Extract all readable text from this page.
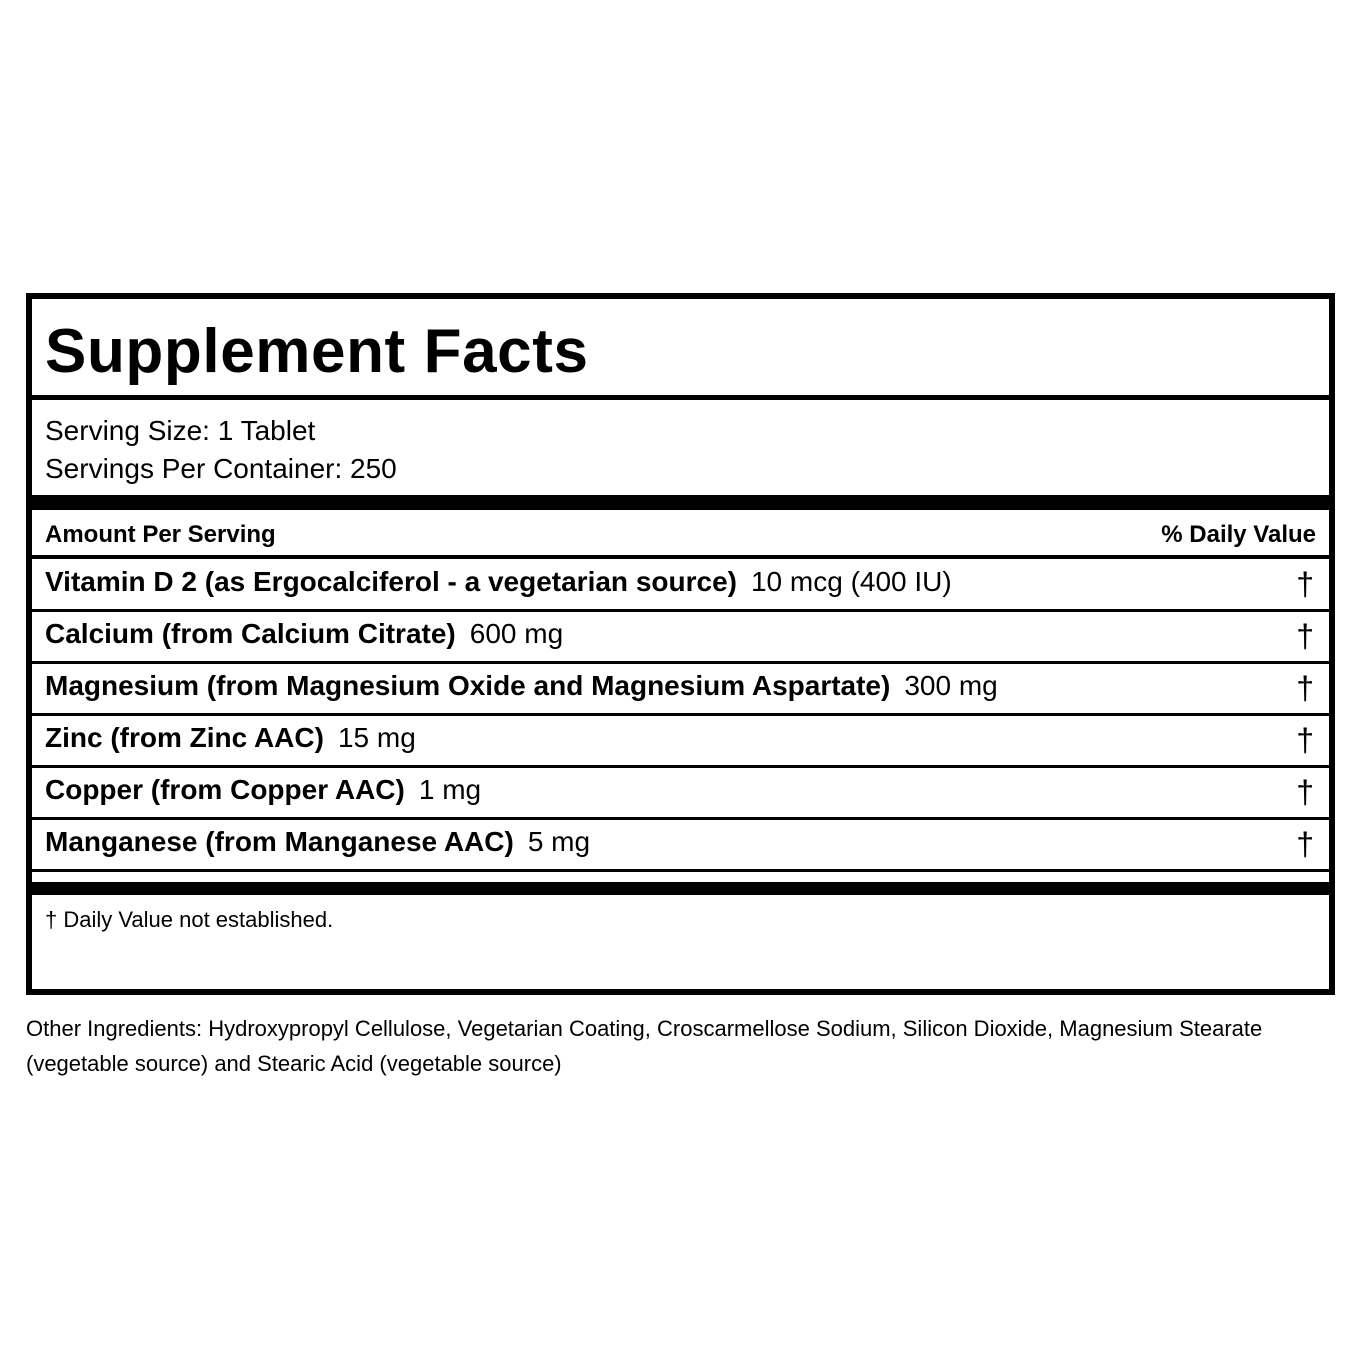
Supplement Facts
Serving Size: 1 Tablet
Servings Per Container: 250
Amount Per Serving	% Daily Value
Vitamin D 2 (as Ergocalciferol - a vegetarian source) 10 mcg (400 IU)	†
Calcium (from Calcium Citrate) 600 mg	†
Magnesium (from Magnesium Oxide and Magnesium Aspartate) 300 mg	†
Zinc (from Zinc AAC) 15 mg	†
Copper (from Copper AAC) 1 mg	†
Manganese (from Manganese AAC) 5 mg	†
† Daily Value not established.
Other Ingredients: Hydroxypropyl Cellulose, Vegetarian Coating, Croscarmellose Sodium, Silicon Dioxide, Magnesium Stearate (vegetable source) and Stearic Acid (vegetable source)
